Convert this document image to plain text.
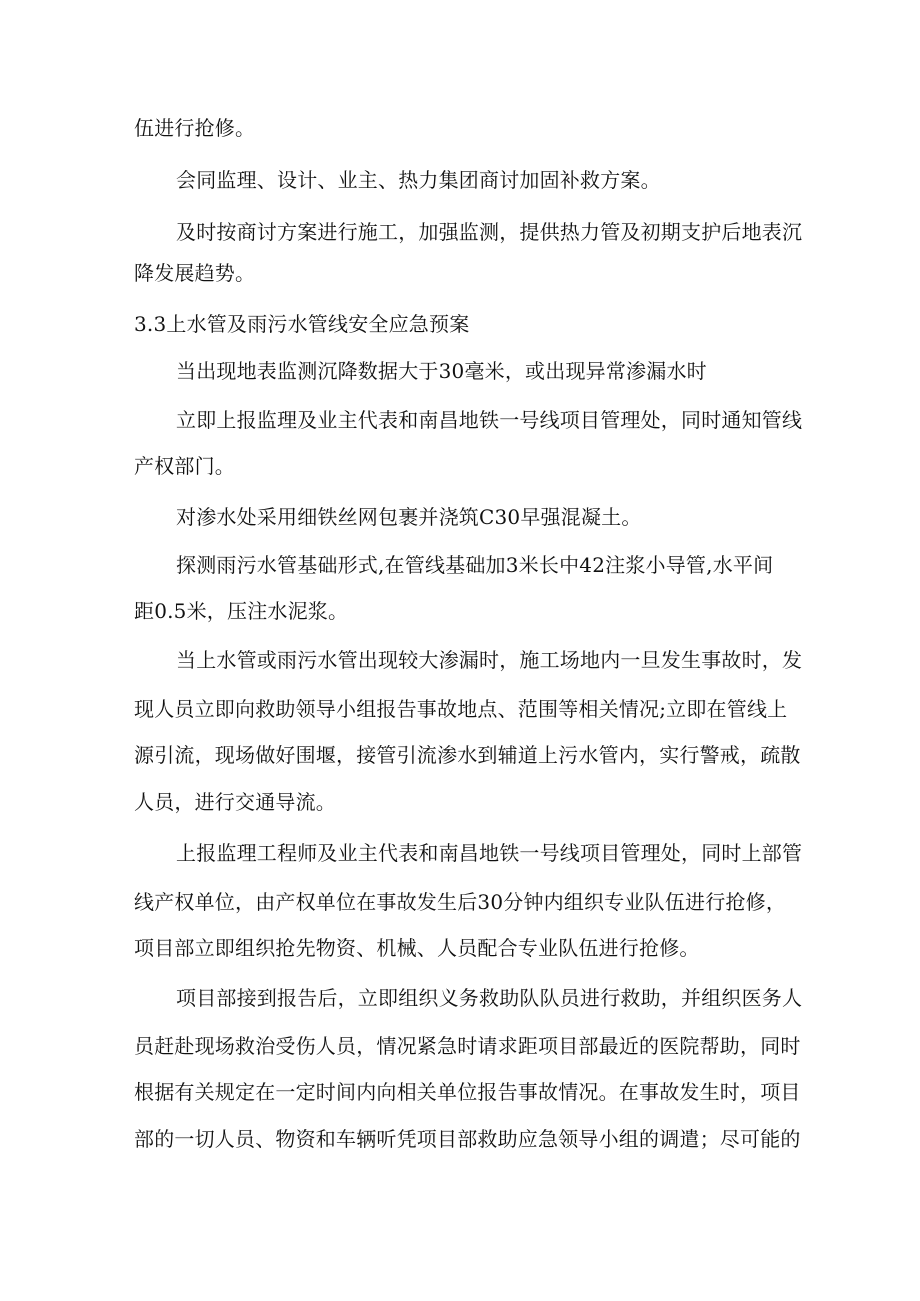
伍进行抢修。
会同监理、设计、业主、热力集团商讨加固补救方案。
及时按商讨方案进行施工，加强监测，提供热力管及初期支护后地表沉
降发展趋势。
3.3上水管及雨污水管线安全应急预案
当出现地表监测沉降数据大于30毫米，或出现异常渗漏水时
立即上报监理及业主代表和南昌地铁一号线项目管理处，同时通知管线
产权部门。
对渗水处采用细铁丝网包裹并浇筑C30早强混凝土。
探测雨污水管基础形式,在管线基础加3米长中42注浆小导管,水平间
距0.5米，压注水泥浆。
当上水管或雨污水管出现较大渗漏时，施工场地内一旦发生事故时，发
现人员立即向救助领导小组报告事故地点、范围等相关情况;立即在管线上
源引流，现场做好围堰，接管引流渗水到辅道上污水管内，实行警戒，疏散
人员，进行交通导流。
上报监理工程师及业主代表和南昌地铁一号线项目管理处，同时上部管
线产权单位，由产权单位在事故发生后30分钟内组织专业队伍进行抢修，
项目部立即组织抢先物资、机械、人员配合专业队伍进行抢修。
项目部接到报告后，立即组织义务救助队队员进行救助，并组织医务人
员赶赴现场救治受伤人员，情况紧急时请求距项目部最近的医院帮助，同时
根据有关规定在一定时间内向相关单位报告事故情况。在事故发生时，项目
部的一切人员、物资和车辆听凭项目部救助应急领导小组的调遣；尽可能的
